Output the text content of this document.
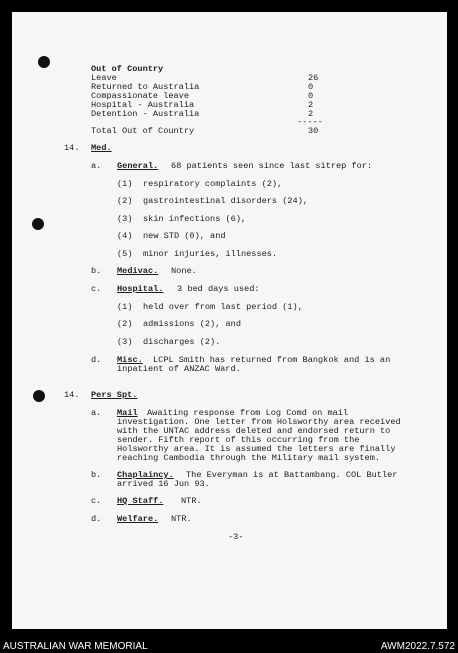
Out of Country
Leave	26
Returned to Australia	0
Compassionate leave	0
Hospital - Australia	2
Detention - Australia	2
-----
Total Out of Country	30
14. Med.
a. General. 68 patients seen since last sitrep for:
(1) respiratory complaints (2),
(2) gastrointestinal disorders (24),
(3) skin infections (6),
(4) new STD (0), and
(5) minor injuries, illnesses.
b. Medivac. None.
c. Hospital. 3 bed days used:
(1) held over from last period (1),
(2) admissions (2), and
(3) discharges (2).
d. Misc. LCPL Smith has returned from Bangkok and is an
inpatient of ANZAC Ward.
14. Pers Spt.
a. Mail Awaiting response from Log Comd on mail
investigation. One letter from Holsworthy area received
with the UNTAC address deleted and endorsed return to
sender. Fifth report of this occurring from the
Holsworthy area. It is assumed the letters are finally
reaching Cambodia through the Military mail system.
b. Chaplaincy. The Everyman is at Battambang. COL Butler
arrived 16 Jun 93.
c. HQ Staff. NTR.
d. Welfare. NTR.
-3-
AUSTRALIAN WAR MEMORIAL	AWM2022.7.572
